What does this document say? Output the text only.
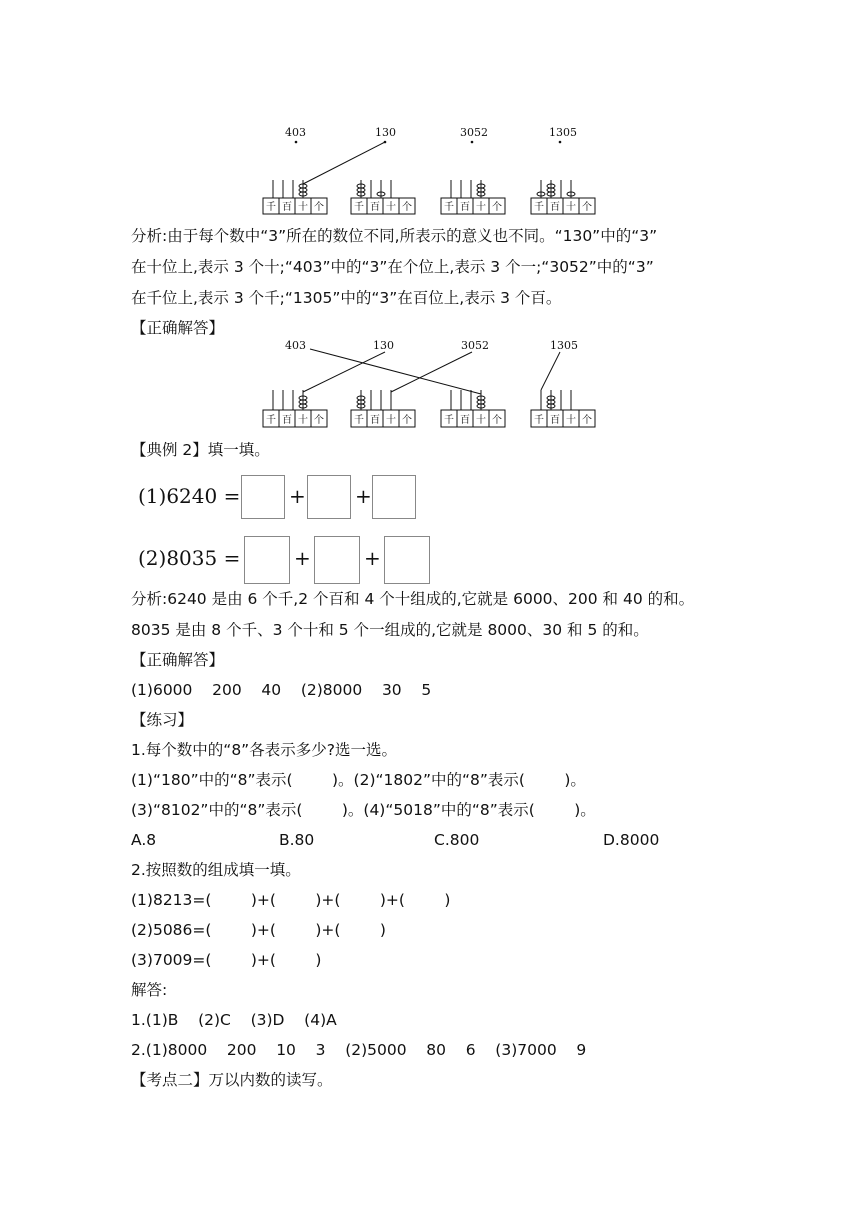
403	130	3052	1305
千 百 十 个	千 百 十 个	千 百 十 个	千 百 十 个
分析:由于每个数中“3”所在的数位不同,所表示的意义也不同。“130”中的“3”
在十位上,表示 3 个十;“403”中的“3”在个位上,表示 3 个一;“3052”中的“3”
在千位上,表示 3 个千;“1305”中的“3”在百位上,表示 3 个百。
【正确解答】
403	130	3052	1305
千 百 十 个	千 百 十 个	千 百 十 个	千 百 十 个
【典例 2】填一填。
(1)6240 = + +
(2)8035 =	+	+
分析:6240 是由 6 个千,2 个百和 4 个十组成的,它就是 6000、200 和 40 的和。
8035 是由 8 个千、3 个十和 5 个一组成的,它就是 8000、30 和 5 的和。
【正确解答】
(1)6000    200    40    (2)8000    30    5
【练习】
1.每个数中的“8”各表示多少?选一选。
(1)“180”中的“8”表示(        )。(2)“1802”中的“8”表示(        )。
(3)“8102”中的“8”表示(        )。(4)“5018”中的“8”表示(        )。
A.8	B.80	C.800	D.8000
2.按照数的组成填一填。
(1)8213=(        )+(        )+(        )+(        )
(2)5086=(        )+(        )+(        )
(3)7009=(        )+(        )
解答:
1.(1)B    (2)C    (3)D    (4)A
2.(1)8000    200    10    3    (2)5000    80    6    (3)7000    9
【考点二】万以内数的读写。
